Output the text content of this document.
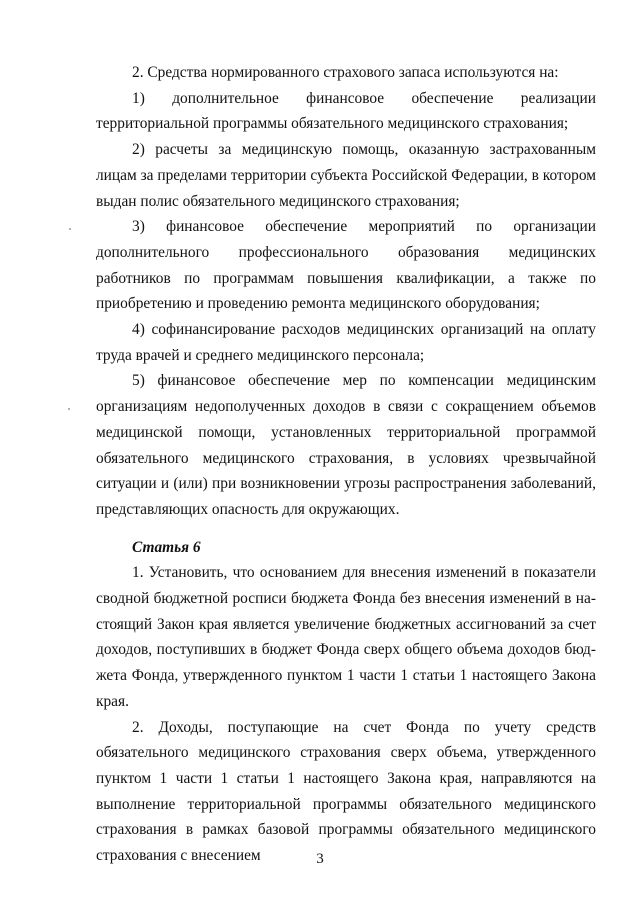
2. Средства нормированного страхового запаса используются на:

1) дополнительное финансовое обеспечение реализации территориальной программы обязательного медицинского страхования;

2) расчеты за медицинскую помощь, оказанную застрахованным лицам за пределами территории субъекта Российской Федерации, в котором выдан полис обязательного медицинского страхования;

3) финансовое обеспечение мероприятий по организации дополнительного профессионального образования медицинских работников по программам повышения квалификации, а также по приобретению и проведению ремонта медицинского оборудования;

4) софинансирование расходов медицинских организаций на оплату труда врачей и среднего медицинского персонала;

5) финансовое обеспечение мер по компенсации медицинским организациям недополученных доходов в связи с сокращением объемов медицинской помощи, установленных территориальной программой обязательного медицинского страхования, в условиях чрезвычайной ситуации и (или) при возникновении угрозы распространения заболеваний, представляющих опасность для окружающих.

Статья 6

1. Установить, что основанием для внесения изменений в показатели сводной бюджетной росписи бюджета Фонда без внесения изменений в настоящий Закон края является увеличение бюджетных ассигнований за счет доходов, поступивших в бюджет Фонда сверх общего объема доходов бюджета Фонда, утвержденного пунктом 1 части 1 статьи 1 настоящего Закона края.

2. Доходы, поступающие на счет Фонда по учету средств обязательного медицинского страхования сверх объема, утвержденного пунктом 1 части 1 статьи 1 настоящего Закона края, направляются на выполнение территориальной программы обязательного медицинского страхования в рамках базовой программы обязательного медицинского страхования с внесением	3
